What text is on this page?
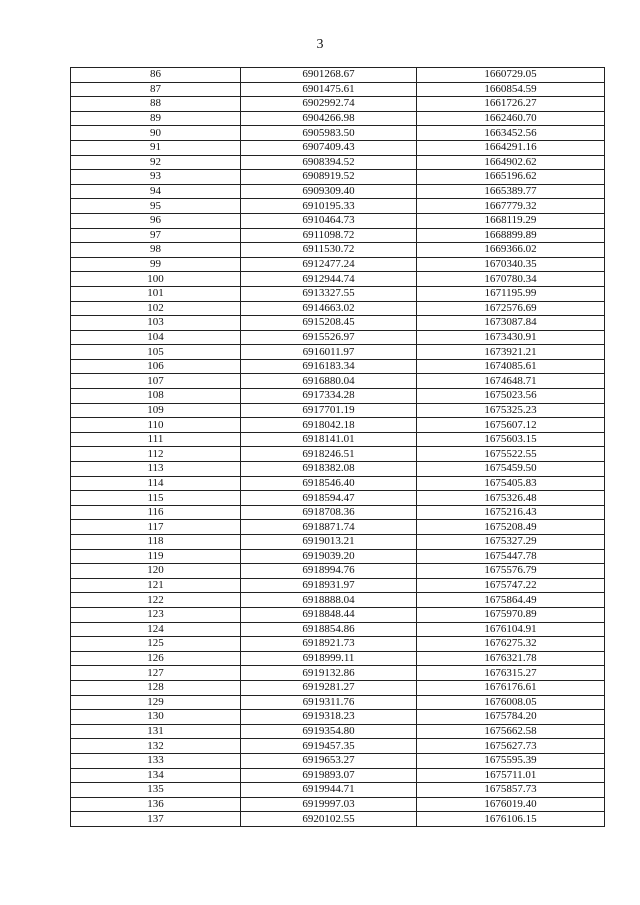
3
86	6901268.67	1660729.05
87	6901475.61	1660854.59
88	6902992.74	1661726.27
89	6904266.98	1662460.70
90	6905983.50	1663452.56
91	6907409.43	1664291.16
92	6908394.52	1664902.62
93	6908919.52	1665196.62
94	6909309.40	1665389.77
95	6910195.33	1667779.32
96	6910464.73	1668119.29
97	6911098.72	1668899.89
98	6911530.72	1669366.02
99	6912477.24	1670340.35
100	6912944.74	1670780.34
101	6913327.55	1671195.99
102	6914663.02	1672576.69
103	6915208.45	1673087.84
104	6915526.97	1673430.91
105	6916011.97	1673921.21
106	6916183.34	1674085.61
107	6916880.04	1674648.71
108	6917334.28	1675023.56
109	6917701.19	1675325.23
110	6918042.18	1675607.12
111	6918141.01	1675603.15
112	6918246.51	1675522.55
113	6918382.08	1675459.50
114	6918546.40	1675405.83
115	6918594.47	1675326.48
116	6918708.36	1675216.43
117	6918871.74	1675208.49
118	6919013.21	1675327.29
119	6919039.20	1675447.78
120	6918994.76	1675576.79
121	6918931.97	1675747.22
122	6918888.04	1675864.49
123	6918848.44	1675970.89
124	6918854.86	1676104.91
125	6918921.73	1676275.32
126	6918999.11	1676321.78
127	6919132.86	1676315.27
128	6919281.27	1676176.61
129	6919311.76	1676008.05
130	6919318.23	1675784.20
131	6919354.80	1675662.58
132	6919457.35	1675627.73
133	6919653.27	1675595.39
134	6919893.07	1675711.01
135	6919944.71	1675857.73
136	6919997.03	1676019.40
137	6920102.55	1676106.15
